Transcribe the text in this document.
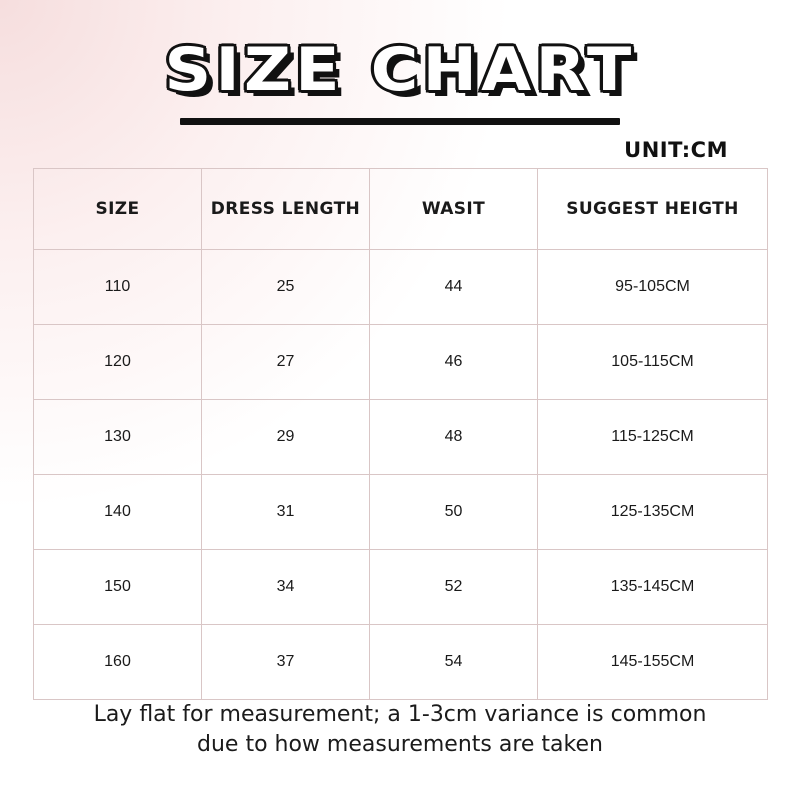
SIZE CHART
UNIT:CM
SIZE	DRESS LENGTH	WASIT	SUGGEST HEIGTH
110	25	44	95-105CM
120	27	46	105-115CM
130	29	48	115-125CM
140	31	50	125-135CM
150	34	52	135-145CM
160	37	54	145-155CM
Lay flat for measurement; a 1-3cm variance is common
due to how measurements are taken
